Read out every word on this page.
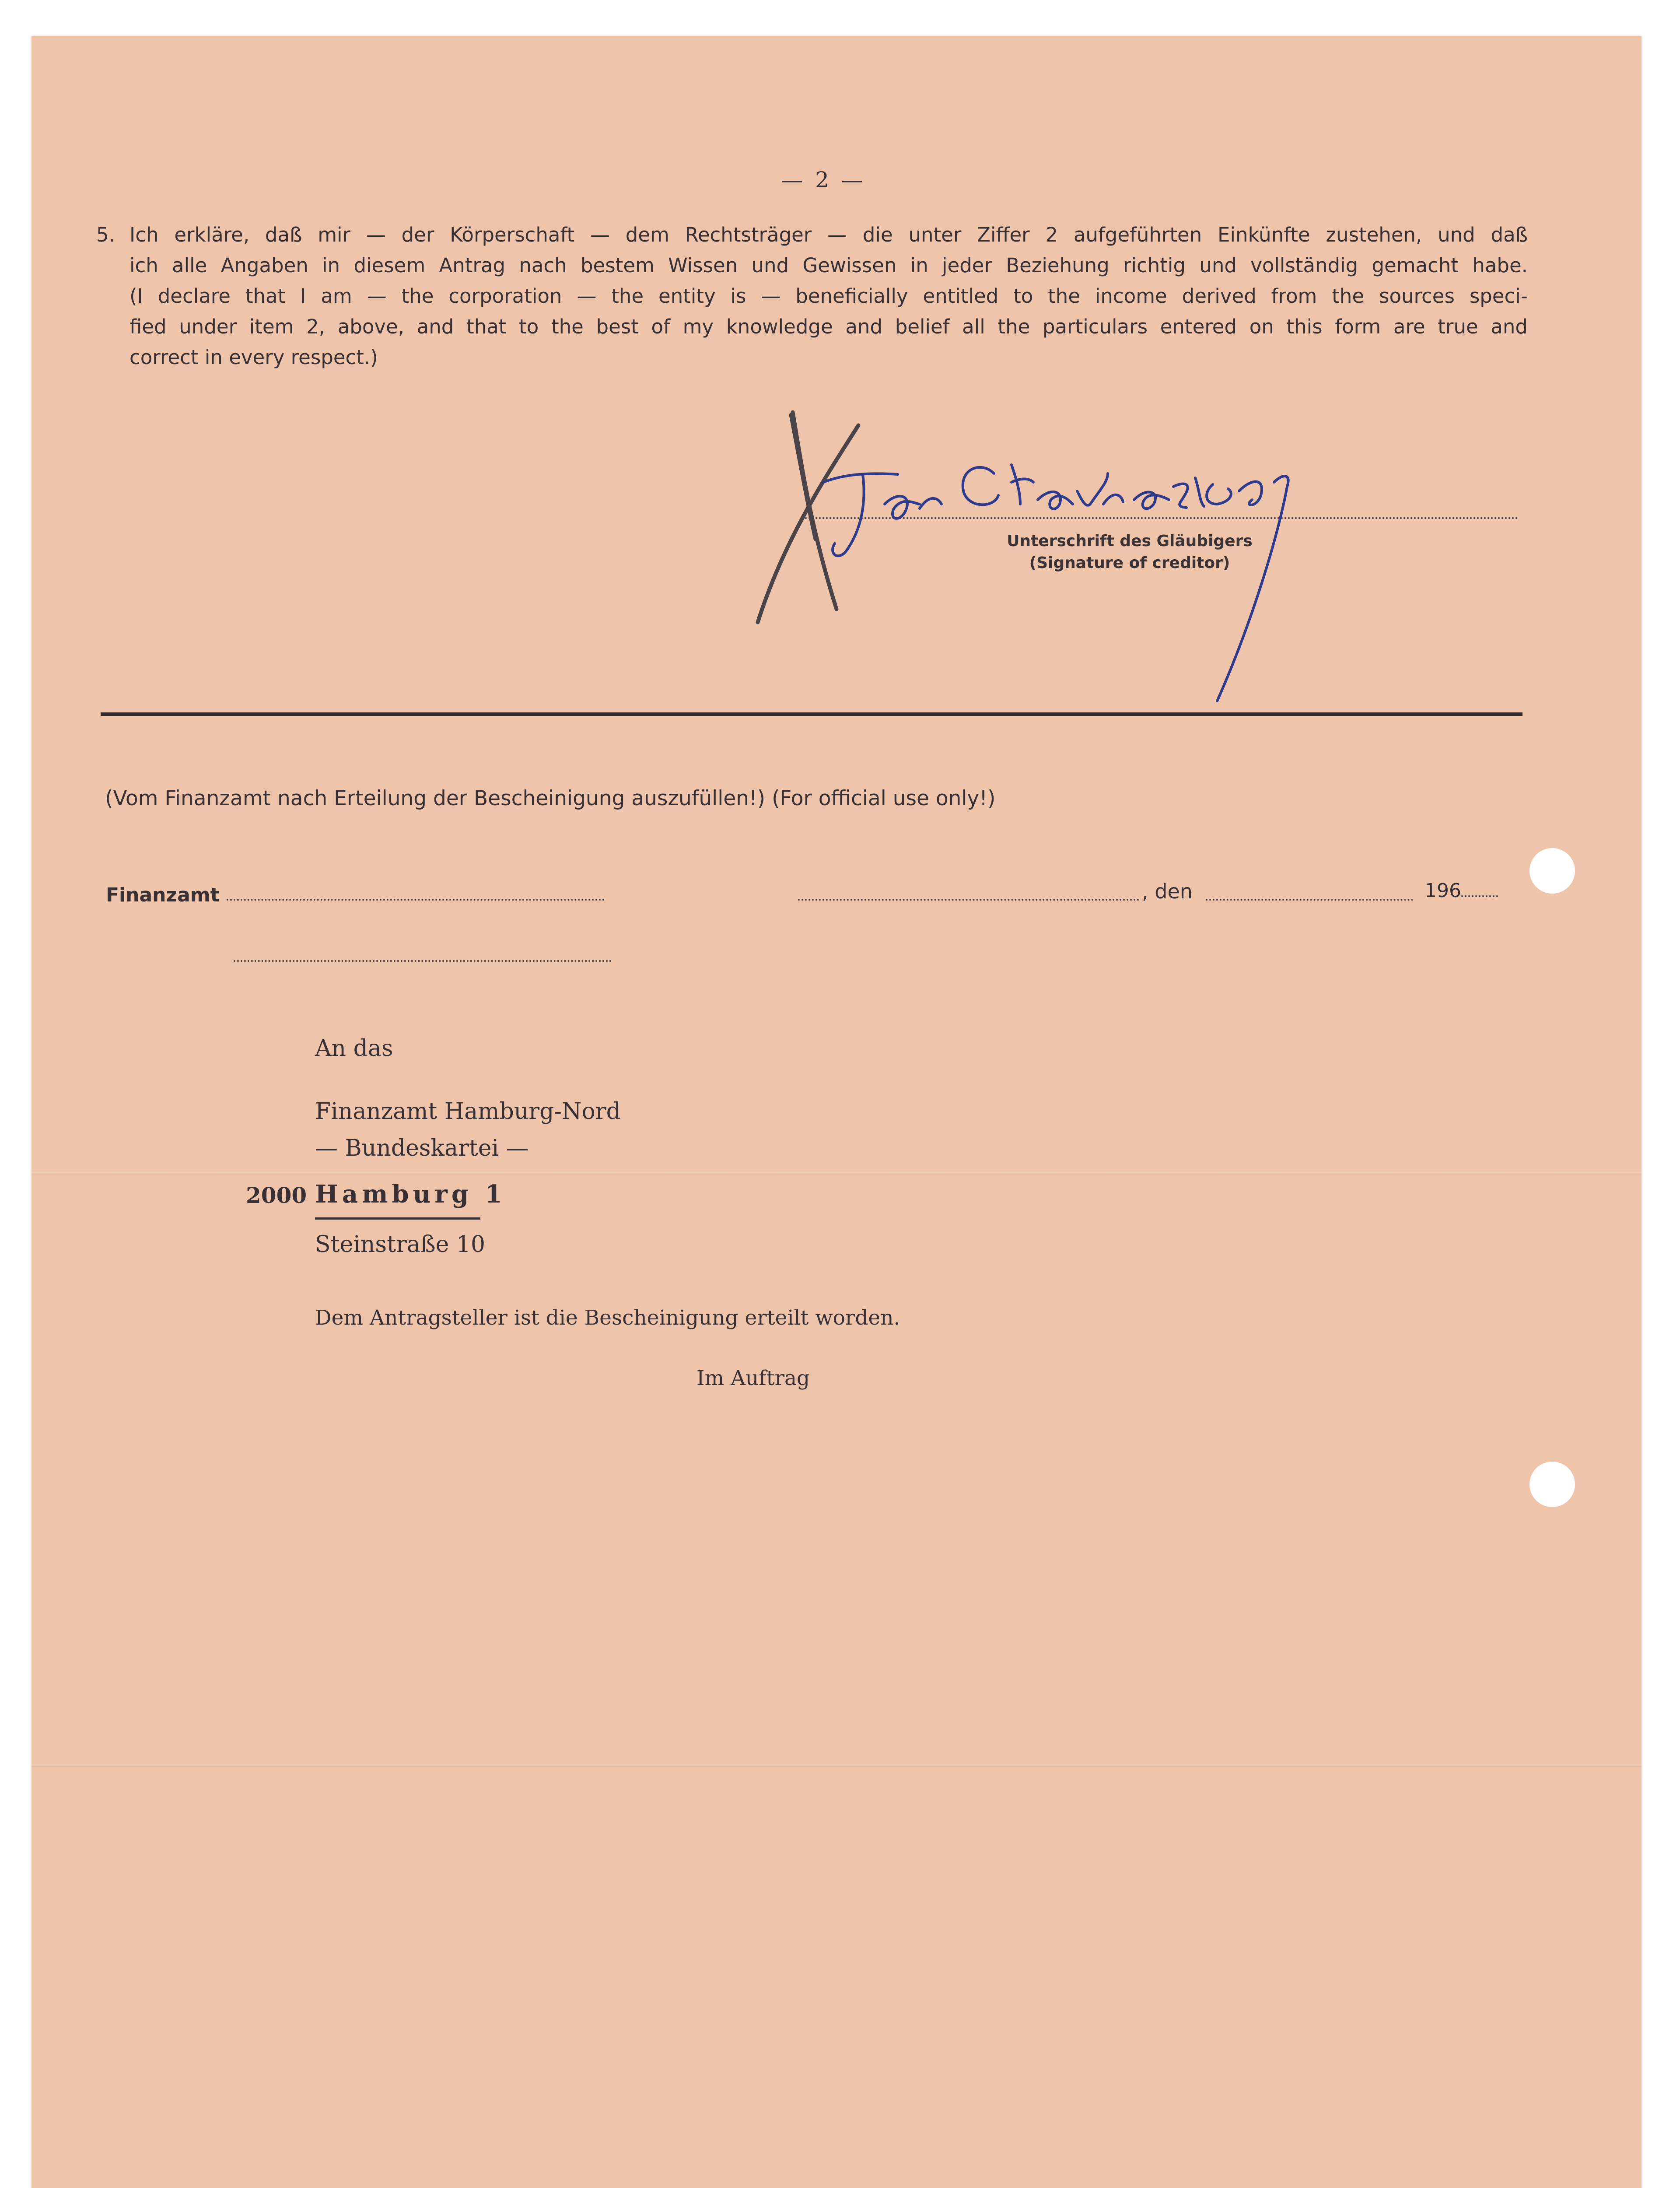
— 2 —
5. Ich erkläre, daß mir — der Körperschaft — dem Rechtsträger — die unter Ziffer 2 aufgeführten Einkünfte zustehen, und daß
ich alle Angaben in diesem Antrag nach bestem Wissen und Gewissen in jeder Beziehung richtig und vollständig gemacht habe.
(I declare that I am — the corporation — the entity is — beneficially entitled to the income derived from the sources speci-
fied under item 2, above, and that to the best of my knowledge and belief all the particulars entered on this form are true and
correct in every respect.)
Unterschrift des Gläubigers
(Signature of creditor)
(Vom Finanzamt nach Erteilung der Bescheinigung auszufüllen!) (For official use only!)
Finanzamt	, den	196
An das
Finanzamt Hamburg-Nord
— Bundeskartei —
2000 Hamburg 1
Steinstraße 10
Dem Antragsteller ist die Bescheinigung erteilt worden.
Im Auftrag
